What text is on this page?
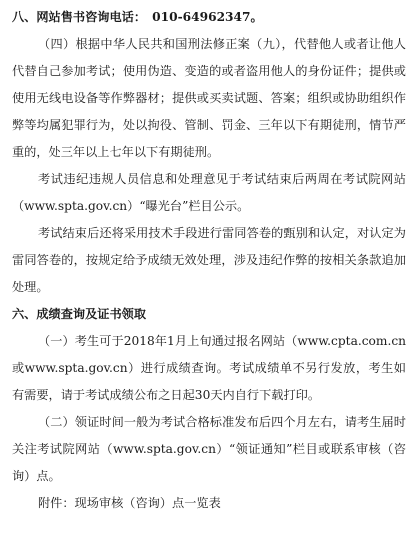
八、网站售书咨询电话：　010-64962347。

（四）根据中华人民共和国刑法修正案（九），代替他人或者让他人代替自己参加考试；使用伪造、变造的或者盗用他人的身份证件；提供或使用无线电设备等作弊器材；提供或买卖试题、答案；组织或协助组织作弊等均属犯罪行为，处以拘役、管制、罚金、三年以下有期徒刑，情节严重的，处三年以上七年以下有期徒刑。

考试违纪违规人员信息和处理意见于考试结束后两周在考试院网站（www.spta.gov.cn）“曝光台”栏目公示。

考试结束后还将采用技术手段进行雷同答卷的甄别和认定，对认定为雷同答卷的，按规定给予成绩无效处理，涉及违纪作弊的按相关条款追加处理。

六、成绩查询及证书领取

（一）考生可于2018年1月上旬通过报名网站（www.cpta.com.cn或www.spta.gov.cn）进行成绩查询。考试成绩单不另行发放，考生如有需要，请于考试成绩公布之日起30天内自行下载打印。

（二）领证时间一般为考试合格标准发布后四个月左右，请考生届时关注考试院网站（www.spta.gov.cn）“领证通知”栏目或联系审核（咨询）点。

附件：现场审核（咨询）点一览表
